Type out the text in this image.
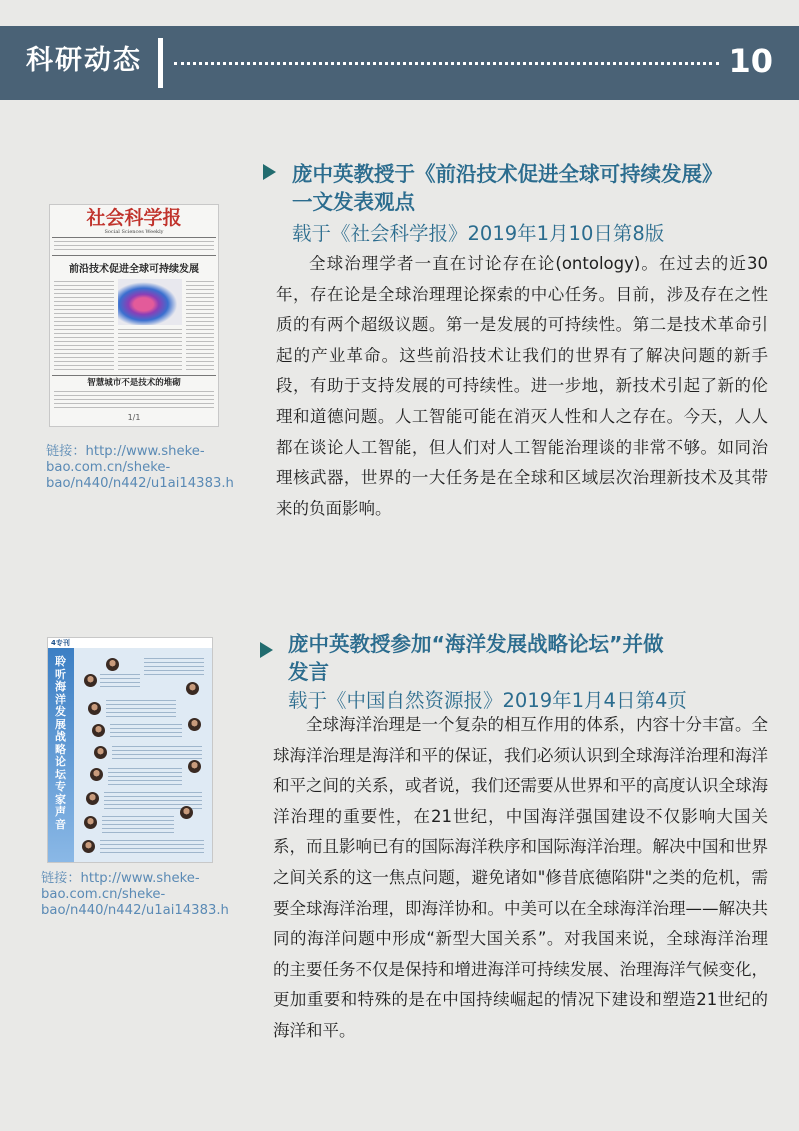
科研动态	10
社会科学报
Social Sciences Weekly
前沿技术促进全球可持续发展
智慧城市不是技术的堆砌
1/1
链接：http://www.sheke-
bao.com.cn/sheke-
bao/n440/n442/u1ai14383.h
庞中英教授于《前沿技术促进全球可持续发展》
一文发表观点
载于《社会科学报》2019年1月10日第8版

全球治理学者一直在讨论存在论(ontology)。在过去的近30年，存在论是全球治理理论探索的中心任务。目前，涉及存在之性质的有两个超级议题。第一是发展的可持续性。第二是技术革命引起的产业革命。这些前沿技术让我们的世界有了解决问题的新手段，有助于支持发展的可持续性。进一步地，新技术引起了新的伦理和道德问题。人工智能可能在消灭人性和人之存在。今天，人人都在谈论人工智能，但人们对人工智能治理谈的非常不够。如同治理核武器，世界的一大任务是在全球和区域层次治理新技术及其带来的负面影响。

4专刊
聆听海洋发展战略论坛专家声音
链接：http://www.sheke-
bao.com.cn/sheke-
bao/n440/n442/u1ai14383.h
庞中英教授参加“海洋发展战略论坛”并做
发言
载于《中国自然资源报》2019年1月4日第4页

全球海洋治理是一个复杂的相互作用的体系，内容十分丰富。全球海洋治理是海洋和平的保证，我们必须认识到全球海洋治理和海洋和平之间的关系，或者说，我们还需要从世界和平的高度认识全球海洋治理的重要性，在21世纪，中国海洋强国建设不仅影响大国关系，而且影响已有的国际海洋秩序和国际海洋治理。解决中国和世界之间关系的这一焦点问题，避免诸如"修昔底德陷阱"之类的危机，需要全球海洋治理，即海洋协和。中美可以在全球海洋治理——解决共同的海洋问题中形成“新型大国关系”。对我国来说，全球海洋治理的主要任务不仅是保持和增进海洋可持续发展、治理海洋气候变化，更加重要和特殊的是在中国持续崛起的情况下建设和塑造21世纪的海洋和平。
